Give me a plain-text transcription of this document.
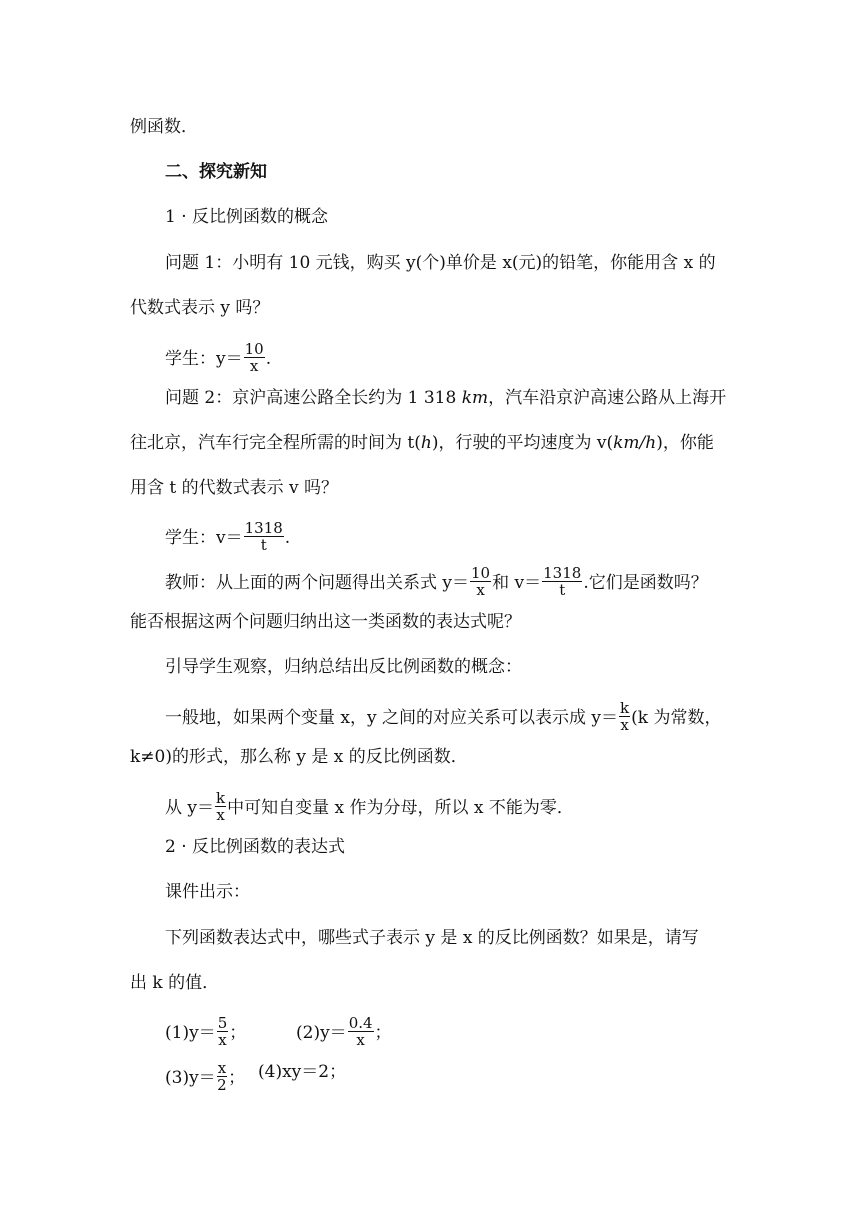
例函数．
二、探究新知
1 · 反比例函数的概念
问题 1：小明有 10 元钱，购买 y(个)单价是 x(元)的铅笔，你能用含 x 的
代数式表示 y 吗？
学生：$y= \frac{10}{x}$ .
问题 2：京沪高速公路全长约为 1 318 km，汽车沿京沪高速公路从上海开
往北京，汽车行完全程所需的时间为 t(h)，行驶的平均速度为 v(km/h)，你能
用含 t 的代数式表示 v 吗？
学生：$v= \frac{1318}{t}$ .
教师：从上面的两个问题得出关系式 $y= \frac{10}{x}$ 和 $v= \frac{1318}{t}$ .它们是函数吗？
能否根据这两个问题归纳出这一类函数的表达式呢？
引导学生观察，归纳总结出反比例函数的概念：
一般地，如果两个变量 x，y 之间的对应关系可以表示成 $y= \frac{k}{x} (k$ 为常数，
k≠0)的形式，那么称 y 是 x 的反比例函数．
从 $y= \frac{k}{x}$ 中可知自变量 x 作为分母，所以 x 不能为零．
2 · 反比例函数的表达式
课件出示：
下列函数表达式中，哪些式子表示 y 是 x 的反比例函数？如果是，请写
出 k 的值．
$(1)y= \frac{5}{x}$ ；	$(2)y= \frac{0.4}{x}$ ；
$(3)y= \frac{x}{2}$ ； (4)xy＝2；
